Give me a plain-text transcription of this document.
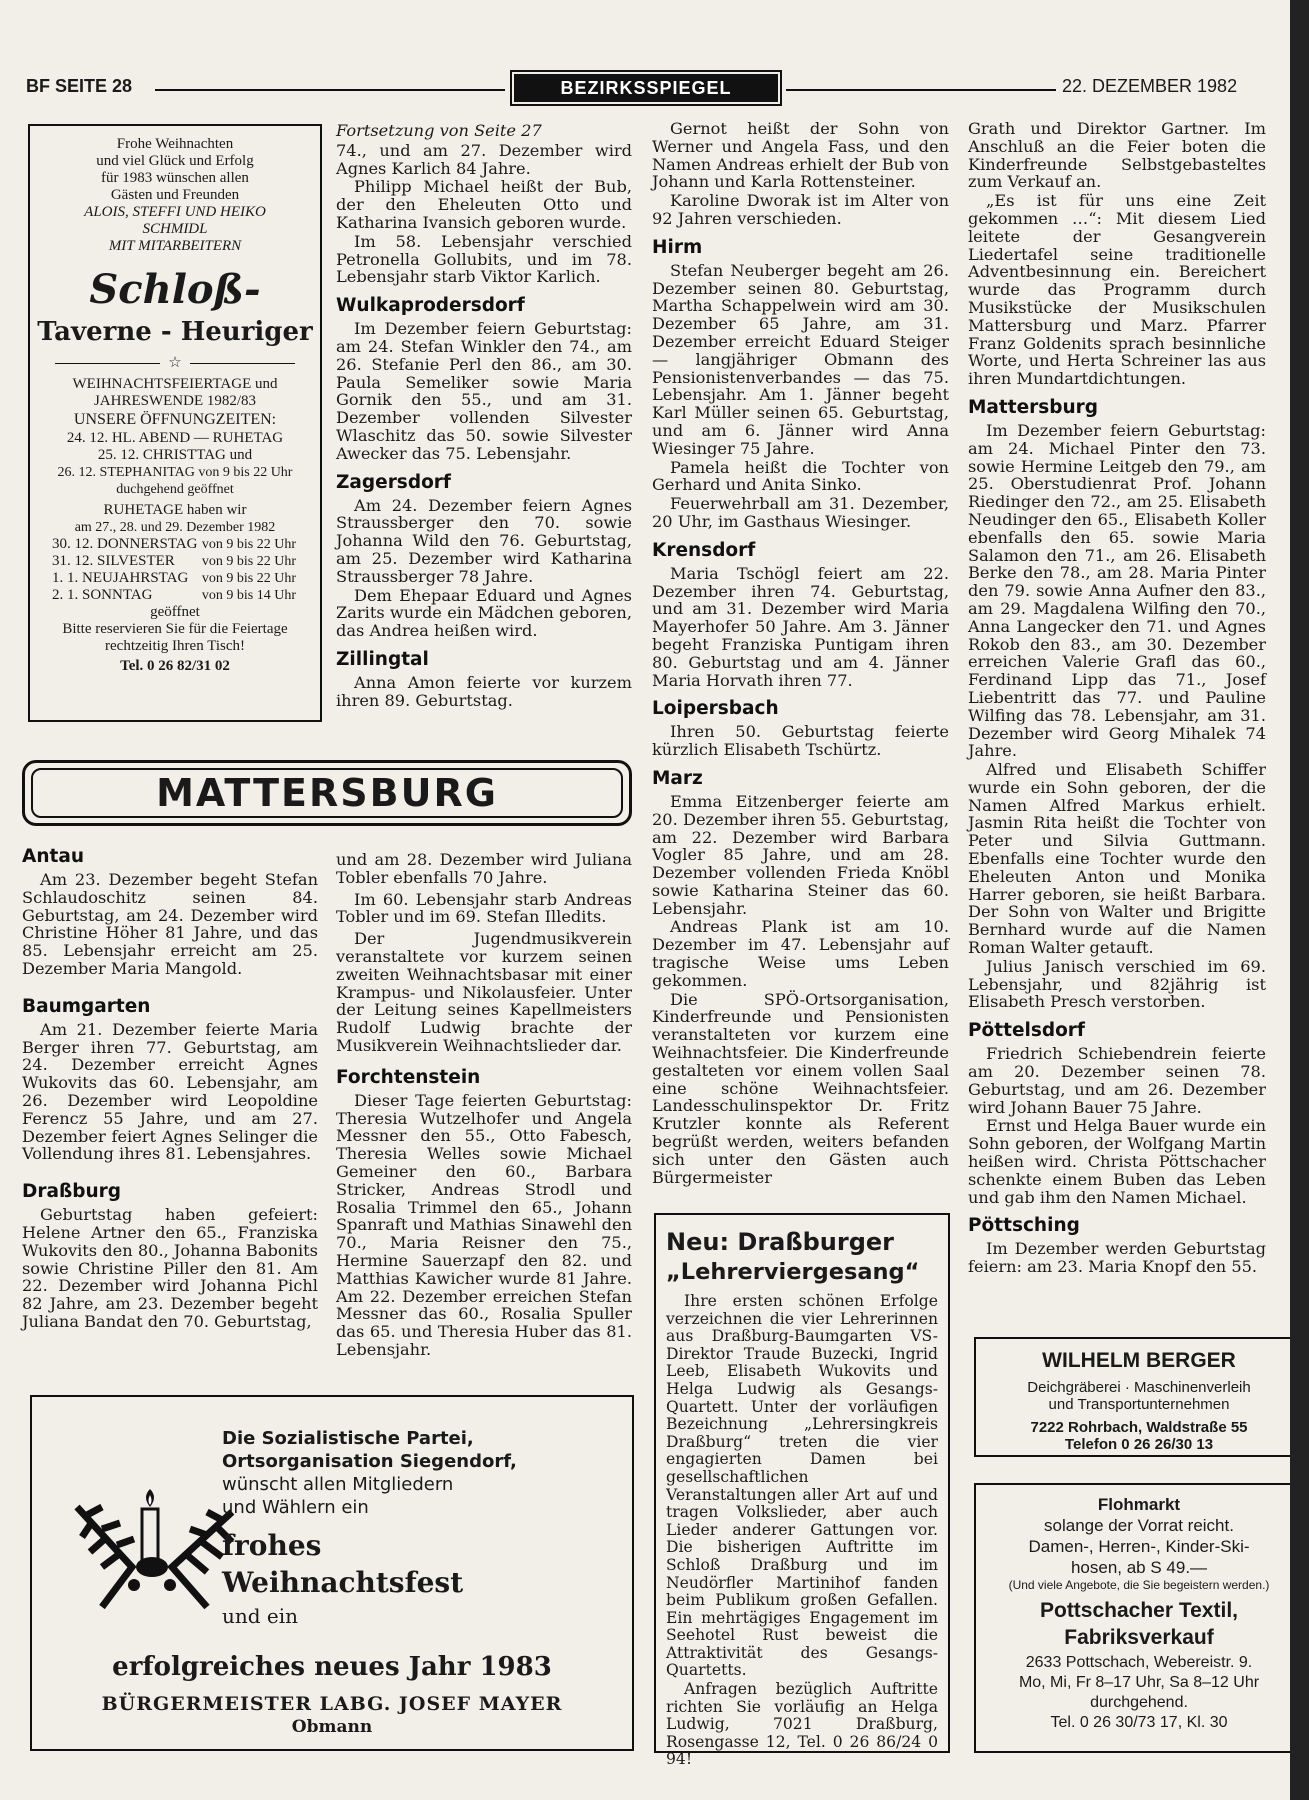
BF SEITE 28	BEZIRKSSPIEGEL	22. DEZEMBER 1982
Frohe Weihnachten
und viel Glück und Erfolg
für 1983 wünschen allen
Gästen und Freunden
ALOIS, STEFFI UND HEIKO
SCHMIDL
MIT MITARBEITERN
Schloß-
Taverne - Heuriger
☆
WEIHNACHTSFEIERTAGE und
JAHRESWENDE 1982/83
UNSERE ÖFFNUNGZEITEN:
24. 12. HL. ABEND — RUHETAG
25. 12. CHRISTTAG und
26. 12. STEPHANITAG von 9 bis 22 Uhr
duchgehend geöffnet
RUHETAGE haben wir
am 27., 28. und 29. Dezember 1982
30. 12. DONNERSTAG von 9 bis 22 Uhr
31. 12. SILVESTER von 9 bis 22 Uhr
1. 1. NEUJAHRSTAG von 9 bis 22 Uhr
2. 1. SONNTAG	von 9 bis 14 Uhr
geöffnet
Bitte reservieren Sie für die Feiertage
rechtzeitig Ihren Tisch!
Tel. 0 26 82/31 02

Fortsetzung von Seite 27

74., und am 27. Dezember wird Agnes Karlich 84 Jahre.

Philipp Michael heißt der Bub, der den Eheleuten Otto und Katharina Ivansich geboren wurde.

Im 58. Lebensjahr verschied Petronella Gollubits, und im 78. Lebensjahr starb Viktor Karlich.

Wulkaprodersdorf

Im Dezember feiern Geburtstag: am 24. Stefan Winkler den 74., am 26. Stefanie Perl den 86., am 30. Paula Semeliker sowie Maria Gornik den 55., und am 31. Dezember vollenden Silvester Wlaschitz das 50. sowie Silvester Awecker das 75. Lebensjahr.

Zagersdorf

Am 24. Dezember feiern Agnes Straussberger den 70. sowie Johanna Wild den 76. Geburtstag, am 25. Dezember wird Katharina Straussberger 78 Jahre.

Dem Ehepaar Eduard und Agnes Zarits wurde ein Mädchen geboren, das Andrea heißen wird.

Zillingtal

Anna Amon feierte vor kurzem ihren 89. Geburtstag.

Gernot heißt der Sohn von Werner und Angela Fass, und den Namen Andreas erhielt der Bub von Johann und Karla Rottensteiner.

Karoline Dworak ist im Alter von 92 Jahren verschieden.

Hirm

Stefan Neuberger begeht am 26. Dezember seinen 80. Geburtstag, Martha Schappelwein wird am 30. Dezember 65 Jahre, am 31. Dezember erreicht Eduard Steiger — langjähriger Obmann des Pensionistenverbandes — das 75. Lebensjahr. Am 1. Jänner begeht Karl Müller seinen 65. Geburtstag, und am 6. Jänner wird Anna Wiesinger 75 Jahre.

Pamela heißt die Tochter von Gerhard und Anita Sinko.

Feuerwehrball am 31. Dezember, 20 Uhr, im Gasthaus Wiesinger.

Krensdorf

Maria Tschögl feiert am 22. Dezember ihren 74. Geburtstag, und am 31. Dezember wird Maria Mayerhofer 50 Jahre. Am 3. Jänner begeht Franziska Puntigam ihren 80. Geburtstag und am 4. Jänner Maria Horvath ihren 77.

Loipersbach

Ihren 50. Geburtstag feierte kürzlich Elisabeth Tschürtz.

Marz

Emma Eitzenberger feierte am 20. Dezember ihren 55. Geburtstag, am 22. Dezember wird Barbara Vogler 85 Jahre, und am 28. Dezember vollenden Frieda Knöbl sowie Katharina Steiner das 60. Lebensjahr.

Andreas Plank ist am 10. Dezember im 47. Lebensjahr auf tragische Weise ums Leben gekommen.

Die SPÖ-Ortsorganisation, Kinderfreunde und Pensionisten veranstalteten vor kurzem eine Weihnachtsfeier. Die Kinderfreunde gestalteten vor einem vollen Saal eine schöne Weihnachtsfeier. Landesschulinspektor Dr. Fritz Krutzler konnte als Referent begrüßt werden, weiters befanden sich unter den Gästen auch Bürgermeister

Grath und Direktor Gartner. Im Anschluß an die Feier boten die Kinderfreunde Selbstgebasteltes zum Verkauf an.

„Es ist für uns eine Zeit gekommen …“: Mit diesem Lied leitete der Gesangverein Liedertafel seine traditionelle Adventbesinnung ein. Bereichert wurde das Programm durch Musikstücke der Musikschulen Mattersburg und Marz. Pfarrer Franz Goldenits sprach besinnliche Worte, und Herta Schreiner las aus ihren Mundartdichtungen.

Mattersburg

Im Dezember feiern Geburtstag: am 24. Michael Pinter den 73. sowie Hermine Leitgeb den 79., am 25. Oberstudienrat Prof. Johann Riedinger den 72., am 25. Elisabeth Neudinger den 65., Elisabeth Koller ebenfalls den 65. sowie Maria Salamon den 71., am 26. Elisabeth Berke den 78., am 28. Maria Pinter den 79. sowie Anna Aufner den 83., am 29. Magdalena Wilfing den 70., Anna Langecker den 71. und Agnes Rokob den 83., am 30. Dezember erreichen Valerie Grafl das 60., Ferdinand Lipp das 71., Josef Liebentritt das 77. und Pauline Wilfing das 78. Lebensjahr, am 31. Dezember wird Georg Mihalek 74 Jahre.

Alfred und Elisabeth Schiffer wurde ein Sohn geboren, der die Namen Alfred Markus erhielt. Jasmin Rita heißt die Tochter von Peter und Silvia Guttmann. Ebenfalls eine Tochter wurde den Eheleuten Anton und Monika Harrer geboren, sie heißt Barbara. Der Sohn von Walter und Brigitte Bernhard wurde auf die Namen Roman Walter getauft.

Julius Janisch verschied im 69. Lebensjahr, und 82jährig ist Elisabeth Presch verstorben.

Pöttelsdorf

Friedrich Schiebendrein feierte am 20. Dezember seinen 78. Geburtstag, und am 26. Dezember wird Johann Bauer 75 Jahre.

Ernst und Helga Bauer wurde ein Sohn geboren, der Wolfgang Martin heißen wird. Christa Pöttschacher schenkte einem Buben das Leben und gab ihm den Namen Michael.

Pöttsching

Im Dezember werden Geburtstag feiern: am 23. Maria Knopf den 55.

MATTERSBURG
Antau

Am 23. Dezember begeht Stefan Schlaudoschitz seinen 84. Geburtstag, am 24. Dezember wird Christine Höher 81 Jahre, und das 85. Lebensjahr erreicht am 25. Dezember Maria Mangold.

Baumgarten

Am 21. Dezember feierte Maria Berger ihren 77. Geburtstag, am 24. Dezember erreicht Agnes Wukovits das 60. Lebensjahr, am 26. Dezember wird Leopoldine Ferencz 55 Jahre, und am 27. Dezember feiert Agnes Selinger die Vollendung ihres 81. Lebensjahres.

Draßburg

Geburtstag haben gefeiert: Helene Artner den 65., Franziska Wukovits den 80., Johanna Babonits sowie Christine Piller den 81. Am 22. Dezember wird Johanna Pichl 82 Jahre, am 23. Dezember begeht Juliana Bandat den 70. Geburtstag,

und am 28. Dezember wird Juliana Tobler ebenfalls 70 Jahre.

Im 60. Lebensjahr starb Andreas Tobler und im 69. Stefan Illedits.

Der Jugendmusikverein veranstaltete vor kurzem seinen zweiten Weihnachtsbasar mit einer Krampus- und Nikolausfeier. Unter der Leitung seines Kapellmeisters Rudolf Ludwig brachte der Musikverein Weihnachtslieder dar.

Forchtenstein

Dieser Tage feierten Geburtstag: Theresia Wutzelhofer und Angela Messner den 55., Otto Fabesch, Theresia Welles sowie Michael Gemeiner den 60., Barbara Stricker, Andreas Strodl und Rosalia Trimmel den 65., Johann Spanraft und Mathias Sinawehl den 70., Maria Reisner den 75., Hermine Sauerzapf den 82. und Matthias Kawicher wurde 81 Jahre. Am 22. Dezember erreichen Stefan Messner das 60., Rosalia Spuller das 65. und Theresia Huber das 81. Lebensjahr.

Die Sozialistische Partei,
Ortsorganisation Siegendorf,
wünscht allen Mitgliedern
und Wählern ein
frohes
Weihnachtsfest
und ein
erfolgreiches neues Jahr 1983
BÜRGERMEISTER LABG. JOSEF MAYER
Obmann
Neu: Draßburger
„Lehrerviergesang“

Ihre ersten schönen Erfolge verzeichnen die vier Lehrerinnen aus Draßburg-Baumgarten VS-Direktor Traude Buzecki, Ingrid Leeb, Elisabeth Wukovits und Helga Ludwig als Gesangs-Quartett. Unter der vorläufigen Bezeichnung „Lehrersingkreis Draßburg“ treten die vier engagierten Damen bei gesellschaftlichen Veranstaltungen aller Art auf und tragen Volkslieder, aber auch Lieder anderer Gattungen vor. Die bisherigen Auftritte im Schloß Draßburg und im Neudörfler Martinihof fanden beim Publikum großen Gefallen. Ein mehrtägiges Engagement im Seehotel Rust beweist die Attraktivität des Gesangs-Quartetts.

Anfragen bezüglich Auftritte richten Sie vorläufig an Helga Ludwig, 7021 Draßburg, Rosengasse 12, Tel. 0 26 86/24 0 94!

WILHELM BERGER
Deichgräberei · Maschinenverleih
und Transportunternehmen
7222 Rohrbach, Waldstraße 55
Telefon 0 26 26/30 13
Flohmarkt
solange der Vorrat reicht.
Damen-, Herren-, Kinder-Ski-
hosen, ab S 49.—
(Und viele Angebote, die Sie begeistern werden.)
Pottschacher Textil,
Fabriksverkauf
2633 Pottschach, Webereistr. 9.
Mo, Mi, Fr 8–17 Uhr, Sa 8–12 Uhr
durchgehend.
Tel. 0 26 30/73 17, Kl. 30
